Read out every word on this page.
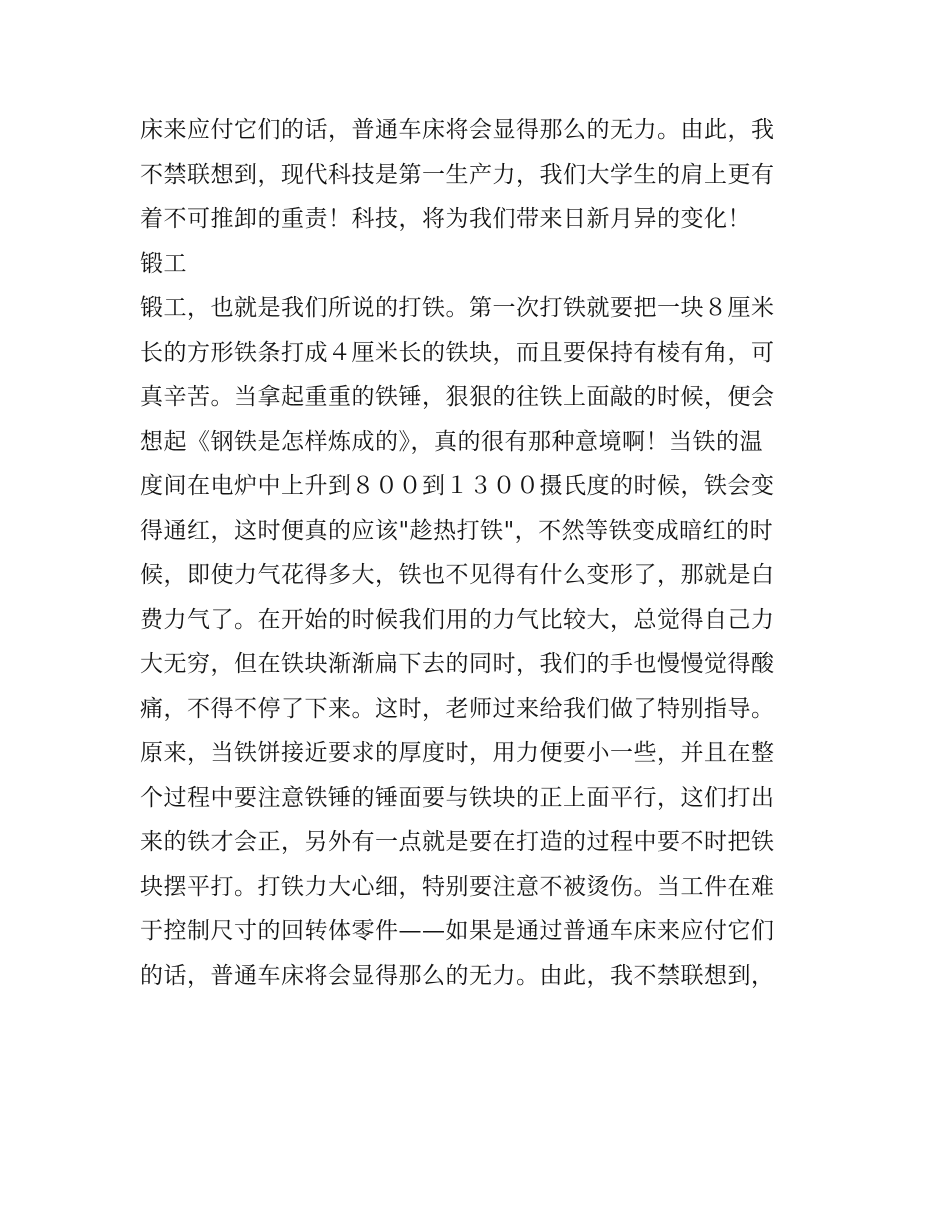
床来应付它们的话，普通车床将会显得那么的无力。由此，我
不禁联想到，现代科技是第一生产力，我们大学生的肩上更有
着不可推卸的重责！科技，将为我们带来日新月异的变化！
锻工
锻工，也就是我们所说的打铁。第一次打铁就要把一块８厘米
长的方形铁条打成４厘米长的铁块，而且要保持有棱有角，可
真辛苦。当拿起重重的铁锤，狠狠的往铁上面敲的时候，便会
想起《钢铁是怎样炼成的》，真的很有那种意境啊！当铁的温
度间在电炉中上升到８００到１３００摄氏度的时候，铁会变
得通红，这时便真的应该"趁热打铁"，不然等铁变成暗红的时
候，即使力气花得多大，铁也不见得有什么变形了，那就是白
费力气了。在开始的时候我们用的力气比较大，总觉得自己力
大无穷，但在铁块渐渐扁下去的同时，我们的手也慢慢觉得酸
痛，不得不停了下来。这时，老师过来给我们做了特别指导。
原来，当铁饼接近要求的厚度时，用力便要小一些，并且在整
个过程中要注意铁锤的锤面要与铁块的正上面平行，这们打出
来的铁才会正，另外有一点就是要在打造的过程中要不时把铁
块摆平打。打铁力大心细，特别要注意不被烫伤。当工件在难
于控制尺寸的回转体零件——如果是通过普通车床来应付它们
的话，普通车床将会显得那么的无力。由此，我不禁联想到，
